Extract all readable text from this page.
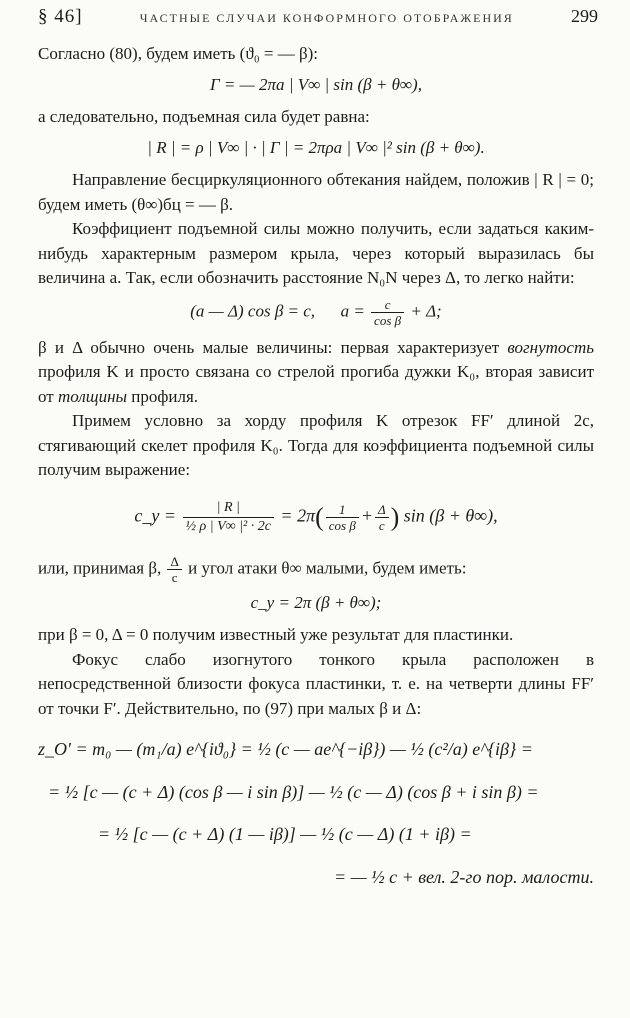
§ 46]	ЧАСТНЫЕ СЛУЧАИ КОНФОРМНОГО ОТОБРАЖЕНИЯ	299

Согласно (80), будем иметь (ϑ₀ = — β):

Γ = — 2πa | V∞ | sin (β + θ∞),

а следовательно, подъемная сила будет равна:

| R | = ρ | V∞ | · | Γ | = 2πρa | V∞ |² sin (β + θ∞).

Направление бесциркуляционного обтекания найдем, положив | R | = 0; будем иметь (θ∞)бц = — β.

Коэффициент подъемной силы можно получить, если задаться каким-нибудь характерным размером крыла, через который выразилась бы величина a. Так, если обозначить расстояние N₀N через Δ, то легко найти:

(a — Δ) cos β = c, $a = \frac{c}{\text{cos β}} + \Delta$;

β и Δ обычно очень малые величины: первая характеризует вогнутость профиля K и просто связана со стрелой прогиба дужки K₀, вторая зависит от толщины профиля.

Примем условно за хорду профиля K отрезок FF′ длиной 2c, стягивающий скелет профиля K₀. Тогда для коэффициента подъемной силы получим выражение:

c_y = $\frac{| R |}{\text{½ ρ | V∞ |² · 2c}} = 2\pi( \frac{1}{\text{cos β}} + \frac{\Delta}{c}$ ) sin (β + θ∞),

или, принимая β, $\frac{\Delta}{c}$ и угол атаки θ∞ малыми, будем иметь:

c_y = 2π (β + θ∞);

при β = 0, Δ = 0 получим известный уже результат для пластинки.

Фокус слабо изогнутого тонкого крыла расположен в непосредственной близости фокуса пластинки, т. е. на четверти длины FF′ от точки F′. Действительно, по (97) при малых β и Δ:

z_O′ = m₀ — (m₁/a) e^{iϑ₀} = ½ (c — ae^{−iβ}) — ½ (c²/a) e^{iβ} =
= ½ [c — (c + Δ) (cos β — i sin β)] — ½ (c — Δ) (cos β + i sin β) =
= ½ [c — (c + Δ) (1 — iβ)] — ½ (c — Δ) (1 + iβ) =
= — ½ c + вел. 2-го пор. малости.
